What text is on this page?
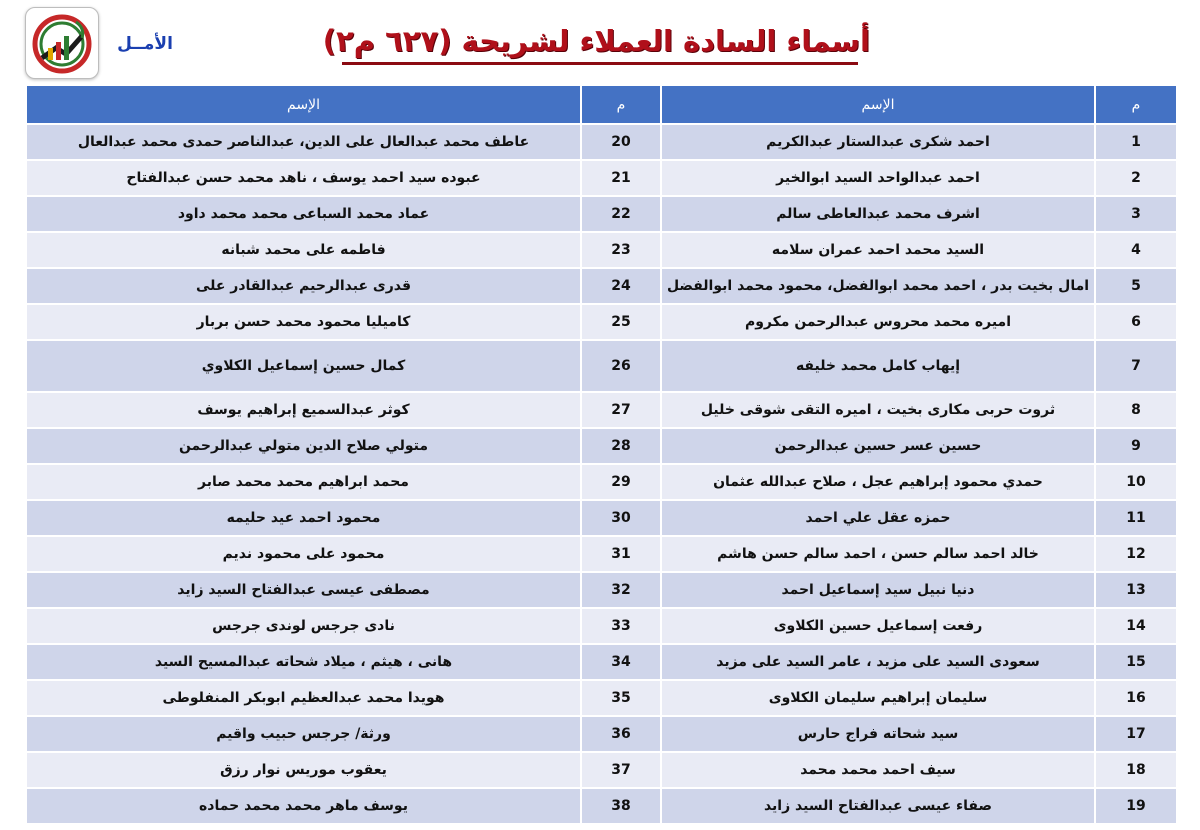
الأمــل	أسماء السادة العملاء لشريحة (٦٢٧ م٢)
م	الإسم	م	الإسم
1	احمد شكرى عبدالستار عبدالكريم	20	عاطف محمد عبدالعال على الدين، عبدالناصر حمدى محمد عبدالعال
2	احمد عبدالواحد السيد ابوالخير	21	عبوده سيد احمد يوسف ، ناهد محمد حسن عبدالفتاح
3	اشرف محمد عبدالعاطى سالم	22	عماد محمد السباعى محمد محمد داود
4	السيد محمد احمد عمران سلامه	23	فاطمه على محمد شبانه
5	امال بخيت بدر ، احمد محمد ابوالفضل، محمود محمد ابوالفضل	24	قدرى عبدالرحيم عبدالقادر على
6	اميره محمد محروس عبدالرحمن مكروم	25	كاميليا محمود محمد حسن بربار
7	إيهاب كامل محمد خليفه	26	كمال حسين إسماعيل الكلاوي
8	ثروت حربى مكارى بخيت ، اميره التقى شوقى خليل	27	كوثر عبدالسميع إبراهيم يوسف
9	حسين عسر حسين عبدالرحمن	28	متولي صلاح الدين متولي عبدالرحمن
10	حمدي محمود إبراهيم عجل ، صلاح عبدالله عثمان	29	محمد ابراهيم محمد محمد صابر
11	حمزه عقل علي احمد	30	محمود احمد عيد حليمه
12	خالد احمد سالم حسن ، احمد سالم حسن هاشم	31	محمود على محمود نديم
13	دنيا نبيل سيد إسماعيل احمد	32	مصطفى عيسى عبدالفتاح السيد زايد
14	رفعت إسماعيل حسين الكلاوى	33	نادى جرجس لوندى جرجس
15	سعودى السيد على مزيد ، عامر السيد على مزيد	34	هانى ، هيثم ، ميلاد شحاته عبدالمسيح السيد
16	سليمان إبراهيم سليمان الكلاوى	35	هويدا محمد عبدالعظيم ابوبكر المنفلوطى
17	سيد شحاته فراج حارس	36	ورثة/ جرجس حبيب واقيم
18	سيف احمد محمد محمد	37	يعقوب موريس نوار رزق
19	صفاء عيسى عبدالفتاح السيد زايد	38	يوسف ماهر محمد محمد حماده
